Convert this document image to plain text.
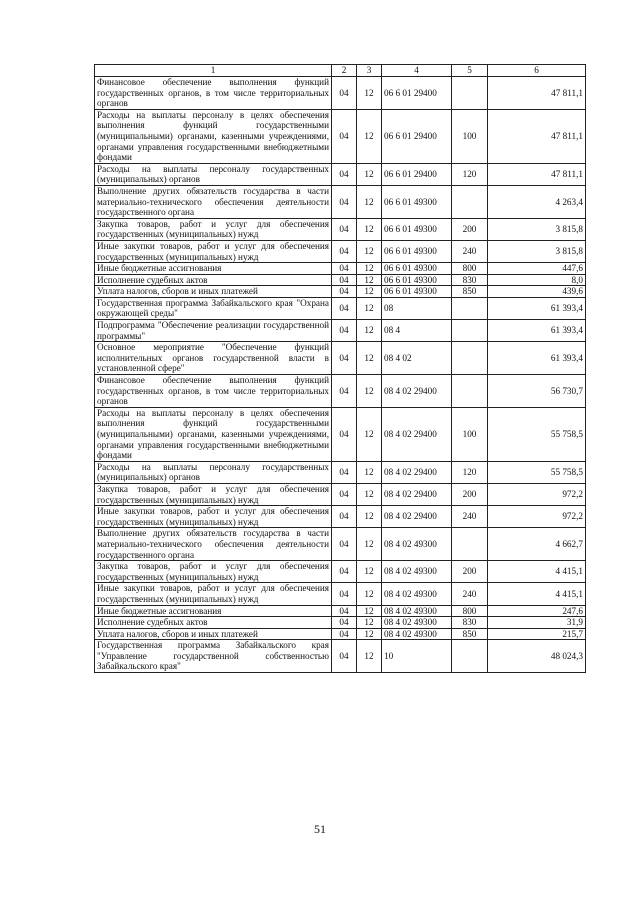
1	2	3	4	5	6
Финансовое обеспечение выполнения функций государственных органов, в том числе территориальных органов	04	12	06 6 01 29400		47 811,1
Расходы на выплаты персоналу в целях обеспечения выполнения функций государственными (муниципальными) органами, казенными учреждениями, органами управления государственными внебюджетными фондами	04	12	06 6 01 29400	100	47 811,1
Расходы на выплаты персоналу государственных (муниципальных) органов	04	12	06 6 01 29400	120	47 811,1
Выполнение других обязательств государства в части материально-технического обеспечения деятельности государственного органа	04	12	06 6 01 49300		4 263,4
Закупка товаров, работ и услуг для обеспечения государственных (муниципальных) нужд	04	12	06 6 01 49300	200	3 815,8
Иные закупки товаров, работ и услуг для обеспечения государственных (муниципальных) нужд	04	12	06 6 01 49300	240	3 815,8
Иные бюджетные ассигнования	04	12	06 6 01 49300	800	447,6
Исполнение судебных актов	04	12	06 6 01 49300	830	8,0
Уплата налогов, сборов и иных платежей	04	12	06 6 01 49300	850	439,6
Государственная программа Забайкальского края "Охрана окружающей среды"	04	12	08		61 393,4
Подпрограмма "Обеспечение реализации государственной программы"	04	12	08 4		61 393,4
Основное мероприятие "Обеспечение функций исполнительных органов государственной власти в установленной сфере"	04	12	08 4 02		61 393,4
Финансовое обеспечение выполнения функций государственных органов, в том числе территориальных органов	04	12	08 4 02 29400		56 730,7
Расходы на выплаты персоналу в целях обеспечения выполнения функций государственными (муниципальными) органами, казенными учреждениями, органами управления государственными внебюджетными фондами	04	12	08 4 02 29400	100	55 758,5
Расходы на выплаты персоналу государственных (муниципальных) органов	04	12	08 4 02 29400	120	55 758,5
Закупка товаров, работ и услуг для обеспечения государственных (муниципальных) нужд	04	12	08 4 02 29400	200	972,2
Иные закупки товаров, работ и услуг для обеспечения государственных (муниципальных) нужд	04	12	08 4 02 29400	240	972,2
Выполнение других обязательств государства в части материально-технического обеспечения деятельности государственного органа	04	12	08 4 02 49300		4 662,7
Закупка товаров, работ и услуг для обеспечения государственных (муниципальных) нужд	04	12	08 4 02 49300	200	4 415,1
Иные закупки товаров, работ и услуг для обеспечения государственных (муниципальных) нужд	04	12	08 4 02 49300	240	4 415,1
Иные бюджетные ассигнования	04	12	08 4 02 49300	800	247,6
Исполнение судебных актов	04	12	08 4 02 49300	830	31,9
Уплата налогов, сборов и иных платежей	04	12	08 4 02 49300	850	215,7
Государственная программа Забайкальского края "Управление государственной собственностью Забайкальского края"	04	12	10		48 024,3
51
